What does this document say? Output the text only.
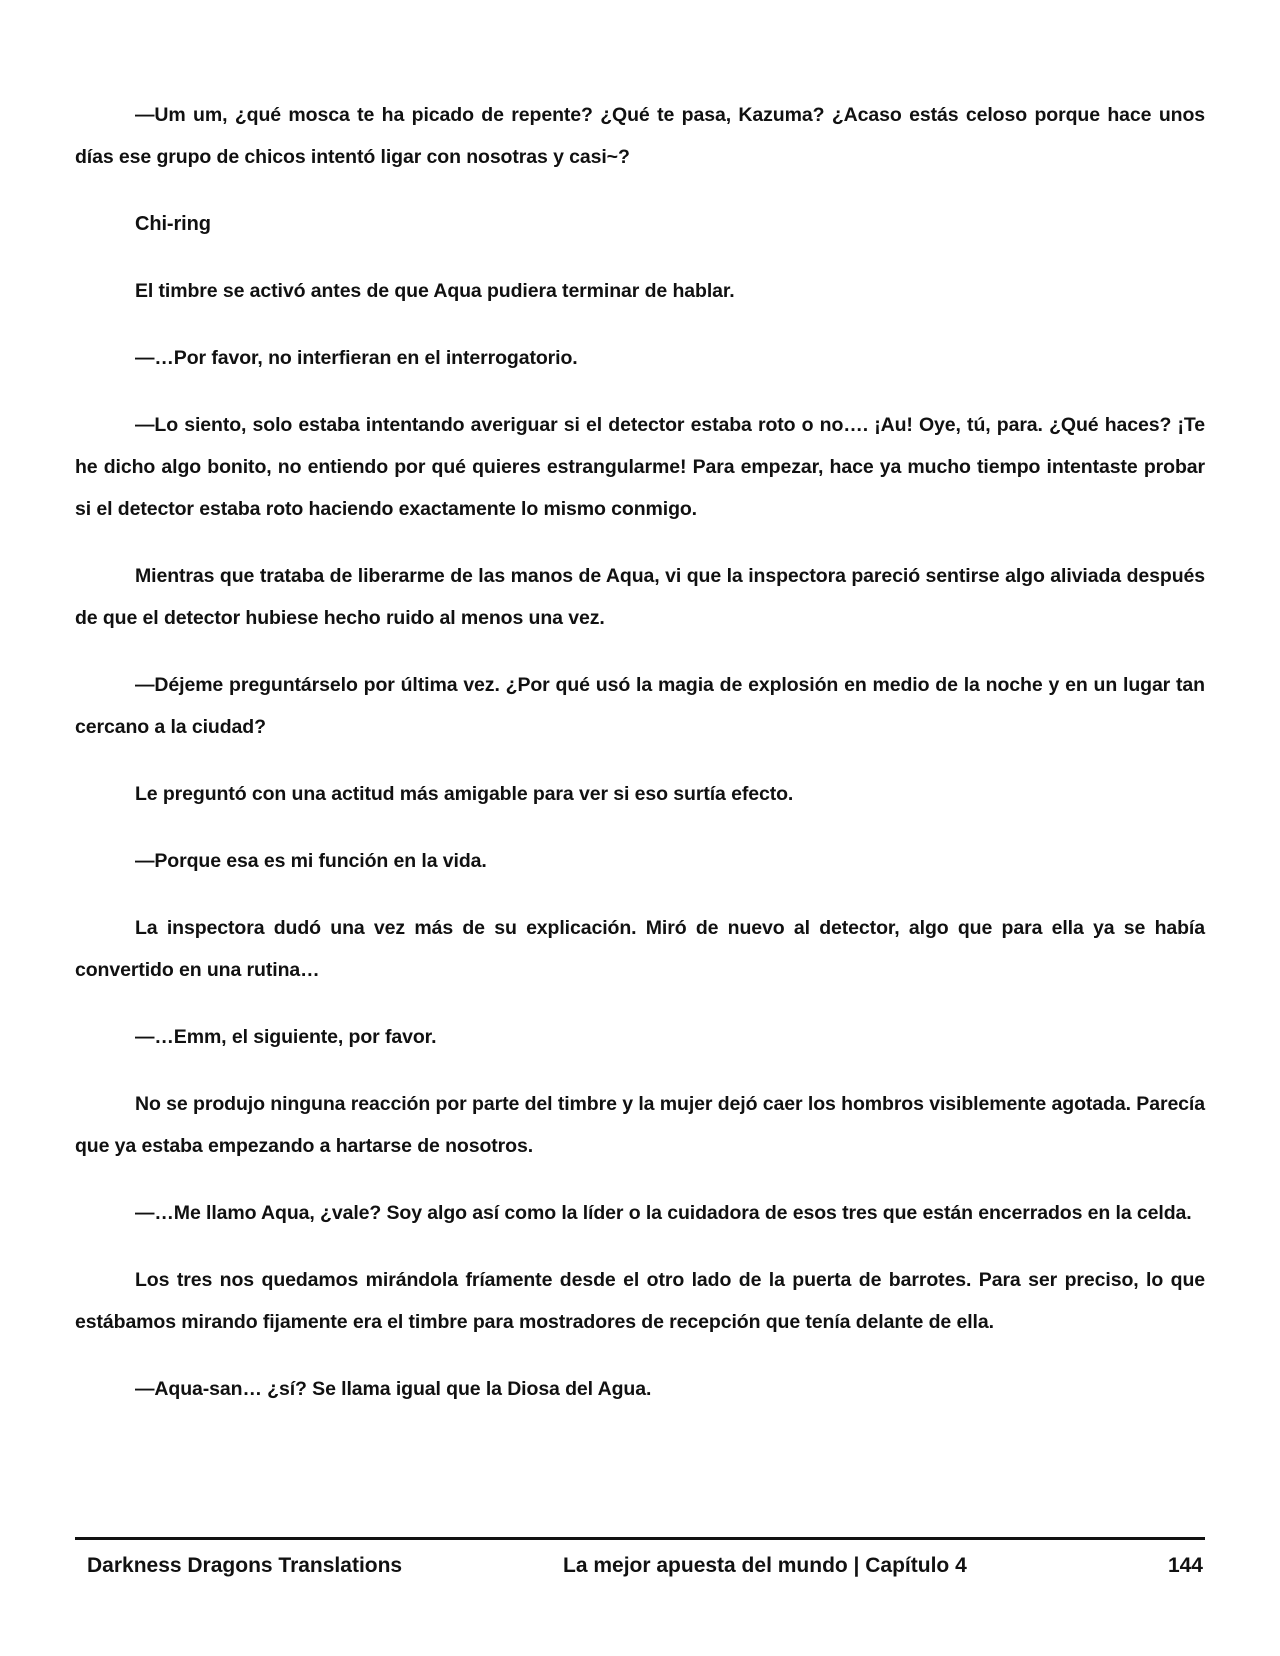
—Um um, ¿qué mosca te ha picado de repente? ¿Qué te pasa, Kazuma? ¿Acaso estás celoso porque hace unos días ese grupo de chicos intentó ligar con nosotras y casi~?

Chi-ring

El timbre se activó antes de que Aqua pudiera terminar de hablar.

—…Por favor, no interfieran en el interrogatorio.

—Lo siento, solo estaba intentando averiguar si el detector estaba roto o no…. ¡Au! Oye, tú, para. ¿Qué haces? ¡Te he dicho algo bonito, no entiendo por qué quieres estrangularme! Para empezar, hace ya mucho tiempo intentaste probar si el detector estaba roto haciendo exactamente lo mismo conmigo.

Mientras que trataba de liberarme de las manos de Aqua, vi que la inspectora pareció sentirse algo aliviada después de que el detector hubiese hecho ruido al menos una vez.

—Déjeme preguntárselo por última vez. ¿Por qué usó la magia de explosión en medio de la noche y en un lugar tan cercano a la ciudad?

Le preguntó con una actitud más amigable para ver si eso surtía efecto.

—Porque esa es mi función en la vida.

La inspectora dudó una vez más de su explicación. Miró de nuevo al detector, algo que para ella ya se había convertido en una rutina…

—…Emm, el siguiente, por favor.

No se produjo ninguna reacción por parte del timbre y la mujer dejó caer los hombros visiblemente agotada. Parecía que ya estaba empezando a hartarse de nosotros.

—…Me llamo Aqua, ¿vale? Soy algo así como la líder o la cuidadora de esos tres que están encerrados en la celda.

Los tres nos quedamos mirándola fríamente desde el otro lado de la puerta de barrotes. Para ser preciso, lo que estábamos mirando fijamente era el timbre para mostradores de recepción que tenía delante de ella.

—Aqua-san… ¿sí? Se llama igual que la Diosa del Agua.

Darkness Dragons Translations	La mejor apuesta del mundo | Capítulo 4	144
